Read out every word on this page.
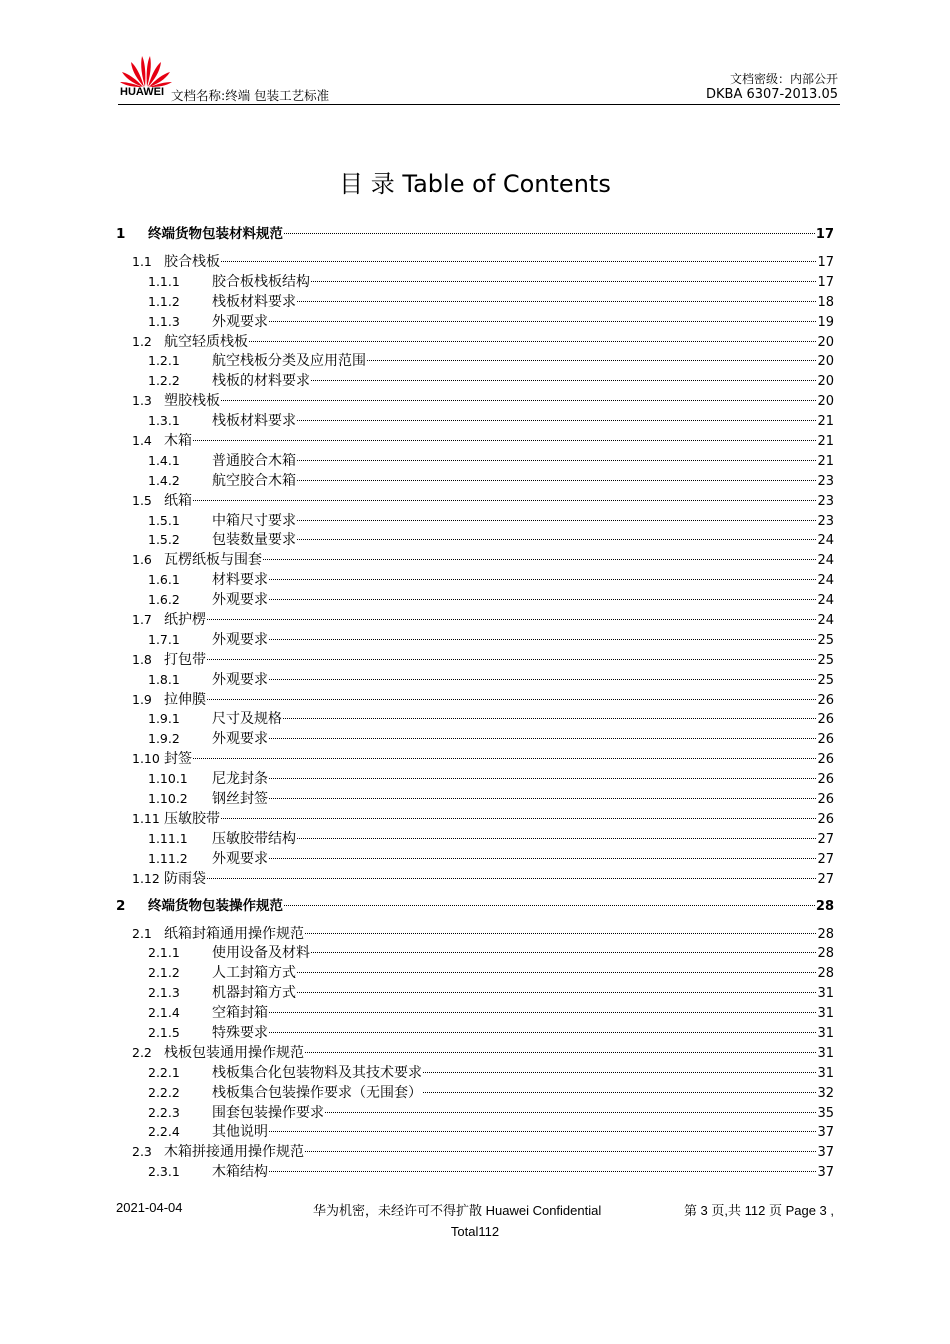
HUAWEI 文档名称:终端 包装工艺标准
文档密级：内部公开
DKBA 6307-2013.05
目 录 Table of Contents
1	终端货物包装材料规范	17
1.1 胶合栈板	17
1.1.1	胶合板栈板结构	17
1.1.2	栈板材料要求	18
1.1.3	外观要求	19
1.2 航空轻质栈板	20
1.2.1	航空栈板分类及应用范围	20
1.2.2	栈板的材料要求	20
1.3 塑胶栈板	20
1.3.1	栈板材料要求	21
1.4 木箱	21
1.4.1	普通胶合木箱	21
1.4.2	航空胶合木箱	23
1.5 纸箱	23
1.5.1	中箱尺寸要求	23
1.5.2	包装数量要求	24
1.6 瓦楞纸板与围套	24
1.6.1	材料要求	24
1.6.2	外观要求	24
1.7 纸护楞	24
1.7.1	外观要求	25
1.8 打包带	25
1.8.1	外观要求	25
1.9 拉伸膜	26
1.9.1	尺寸及规格	26
1.9.2	外观要求	26
1.10 封签	26
1.10.1	尼龙封条	26
1.10.2	钢丝封签	26
1.11 压敏胶带	26
1.11.1	压敏胶带结构	27
1.11.2	外观要求	27
1.12 防雨袋	27
2	终端货物包装操作规范	28
2.1 纸箱封箱通用操作规范	28
2.1.1	使用设备及材料	28
2.1.2	人工封箱方式	28
2.1.3	机器封箱方式	31
2.1.4	空箱封箱	31
2.1.5	特殊要求	31
2.2 栈板包装通用操作规范	31
2.2.1	栈板集合化包装物料及其技术要求	31
2.2.2	栈板集合包装操作要求（无围套）	32
2.2.3	围套包装操作要求	35
2.2.4	其他说明	37
2.3 木箱拼接通用操作规范	37
2.3.1	木箱结构	37
2021-04-04	华为机密，未经许可不得扩散 Huawei Confidential	第 3 页,共 112 页 Page 3 ,
Total112
